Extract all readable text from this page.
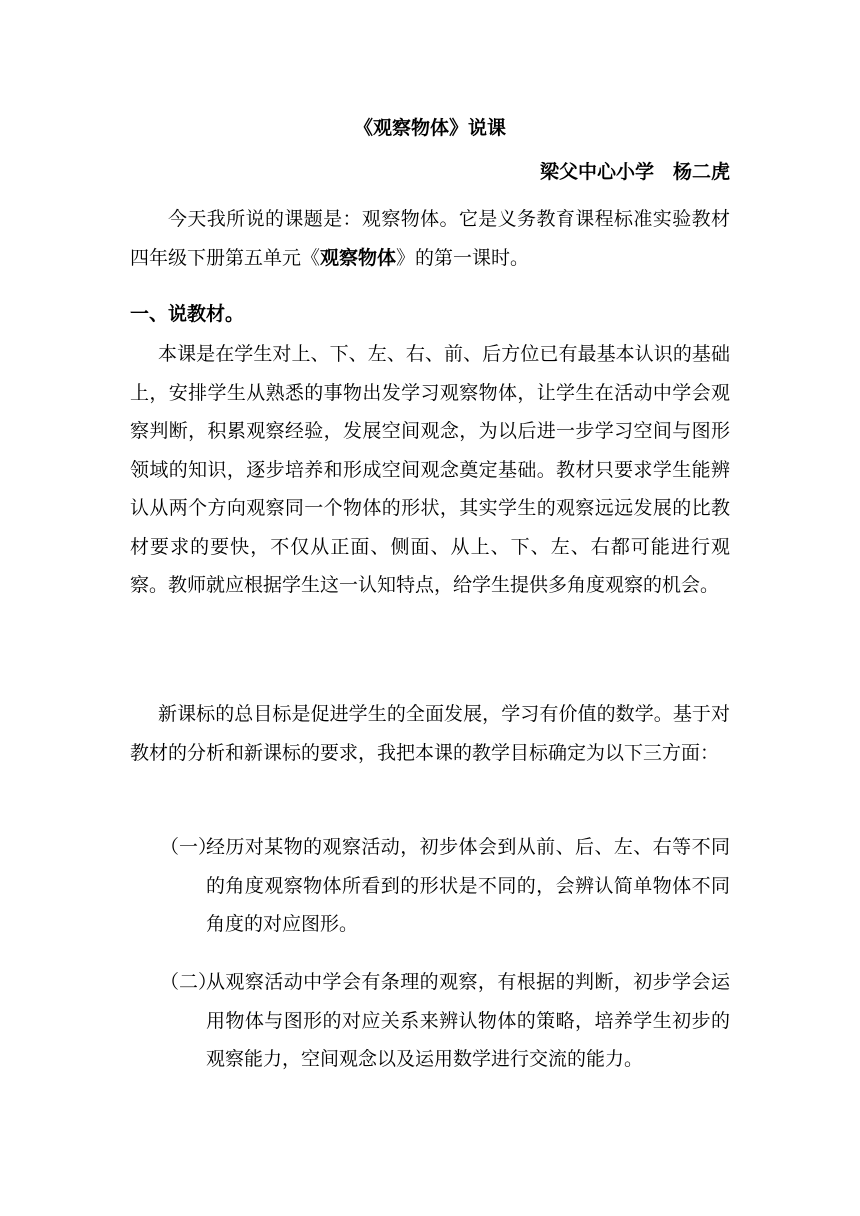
《观察物体》说课

梁父中心小学　杨二虎

今天我所说的课题是：观察物体。它是义务教育课程标准实验教材四年级下册第五单元《观察物体》的第一课时。

一、说教材。

本课是在学生对上、下、左、右、前、后方位已有最基本认识的基础上，安排学生从熟悉的事物出发学习观察物体，让学生在活动中学会观察判断，积累观察经验，发展空间观念，为以后进一步学习空间与图形领域的知识，逐步培养和形成空间观念奠定基础。教材只要求学生能辨认从两个方向观察同一个物体的形状，其实学生的观察远远发展的比教材要求的要快，不仅从正面、侧面、从上、下、左、右都可能进行观察。教师就应根据学生这一认知特点，给学生提供多角度观察的机会。

新课标的总目标是促进学生的全面发展，学习有价值的数学。基于对教材的分析和新课标的要求，我把本课的教学目标确定为以下三方面：

（一）
经历对某物的观察活动，初步体会到从前、后、左、右等不同的角度观察物体所看到的形状是不同的，会辨认简单物体不同角度的对应图形。
（二）
从观察活动中学会有条理的观察，有根据的判断，初步学会运用物体与图形的对应关系来辨认物体的策略，培养学生初步的观察能力，空间观念以及运用数学进行交流的能力。
